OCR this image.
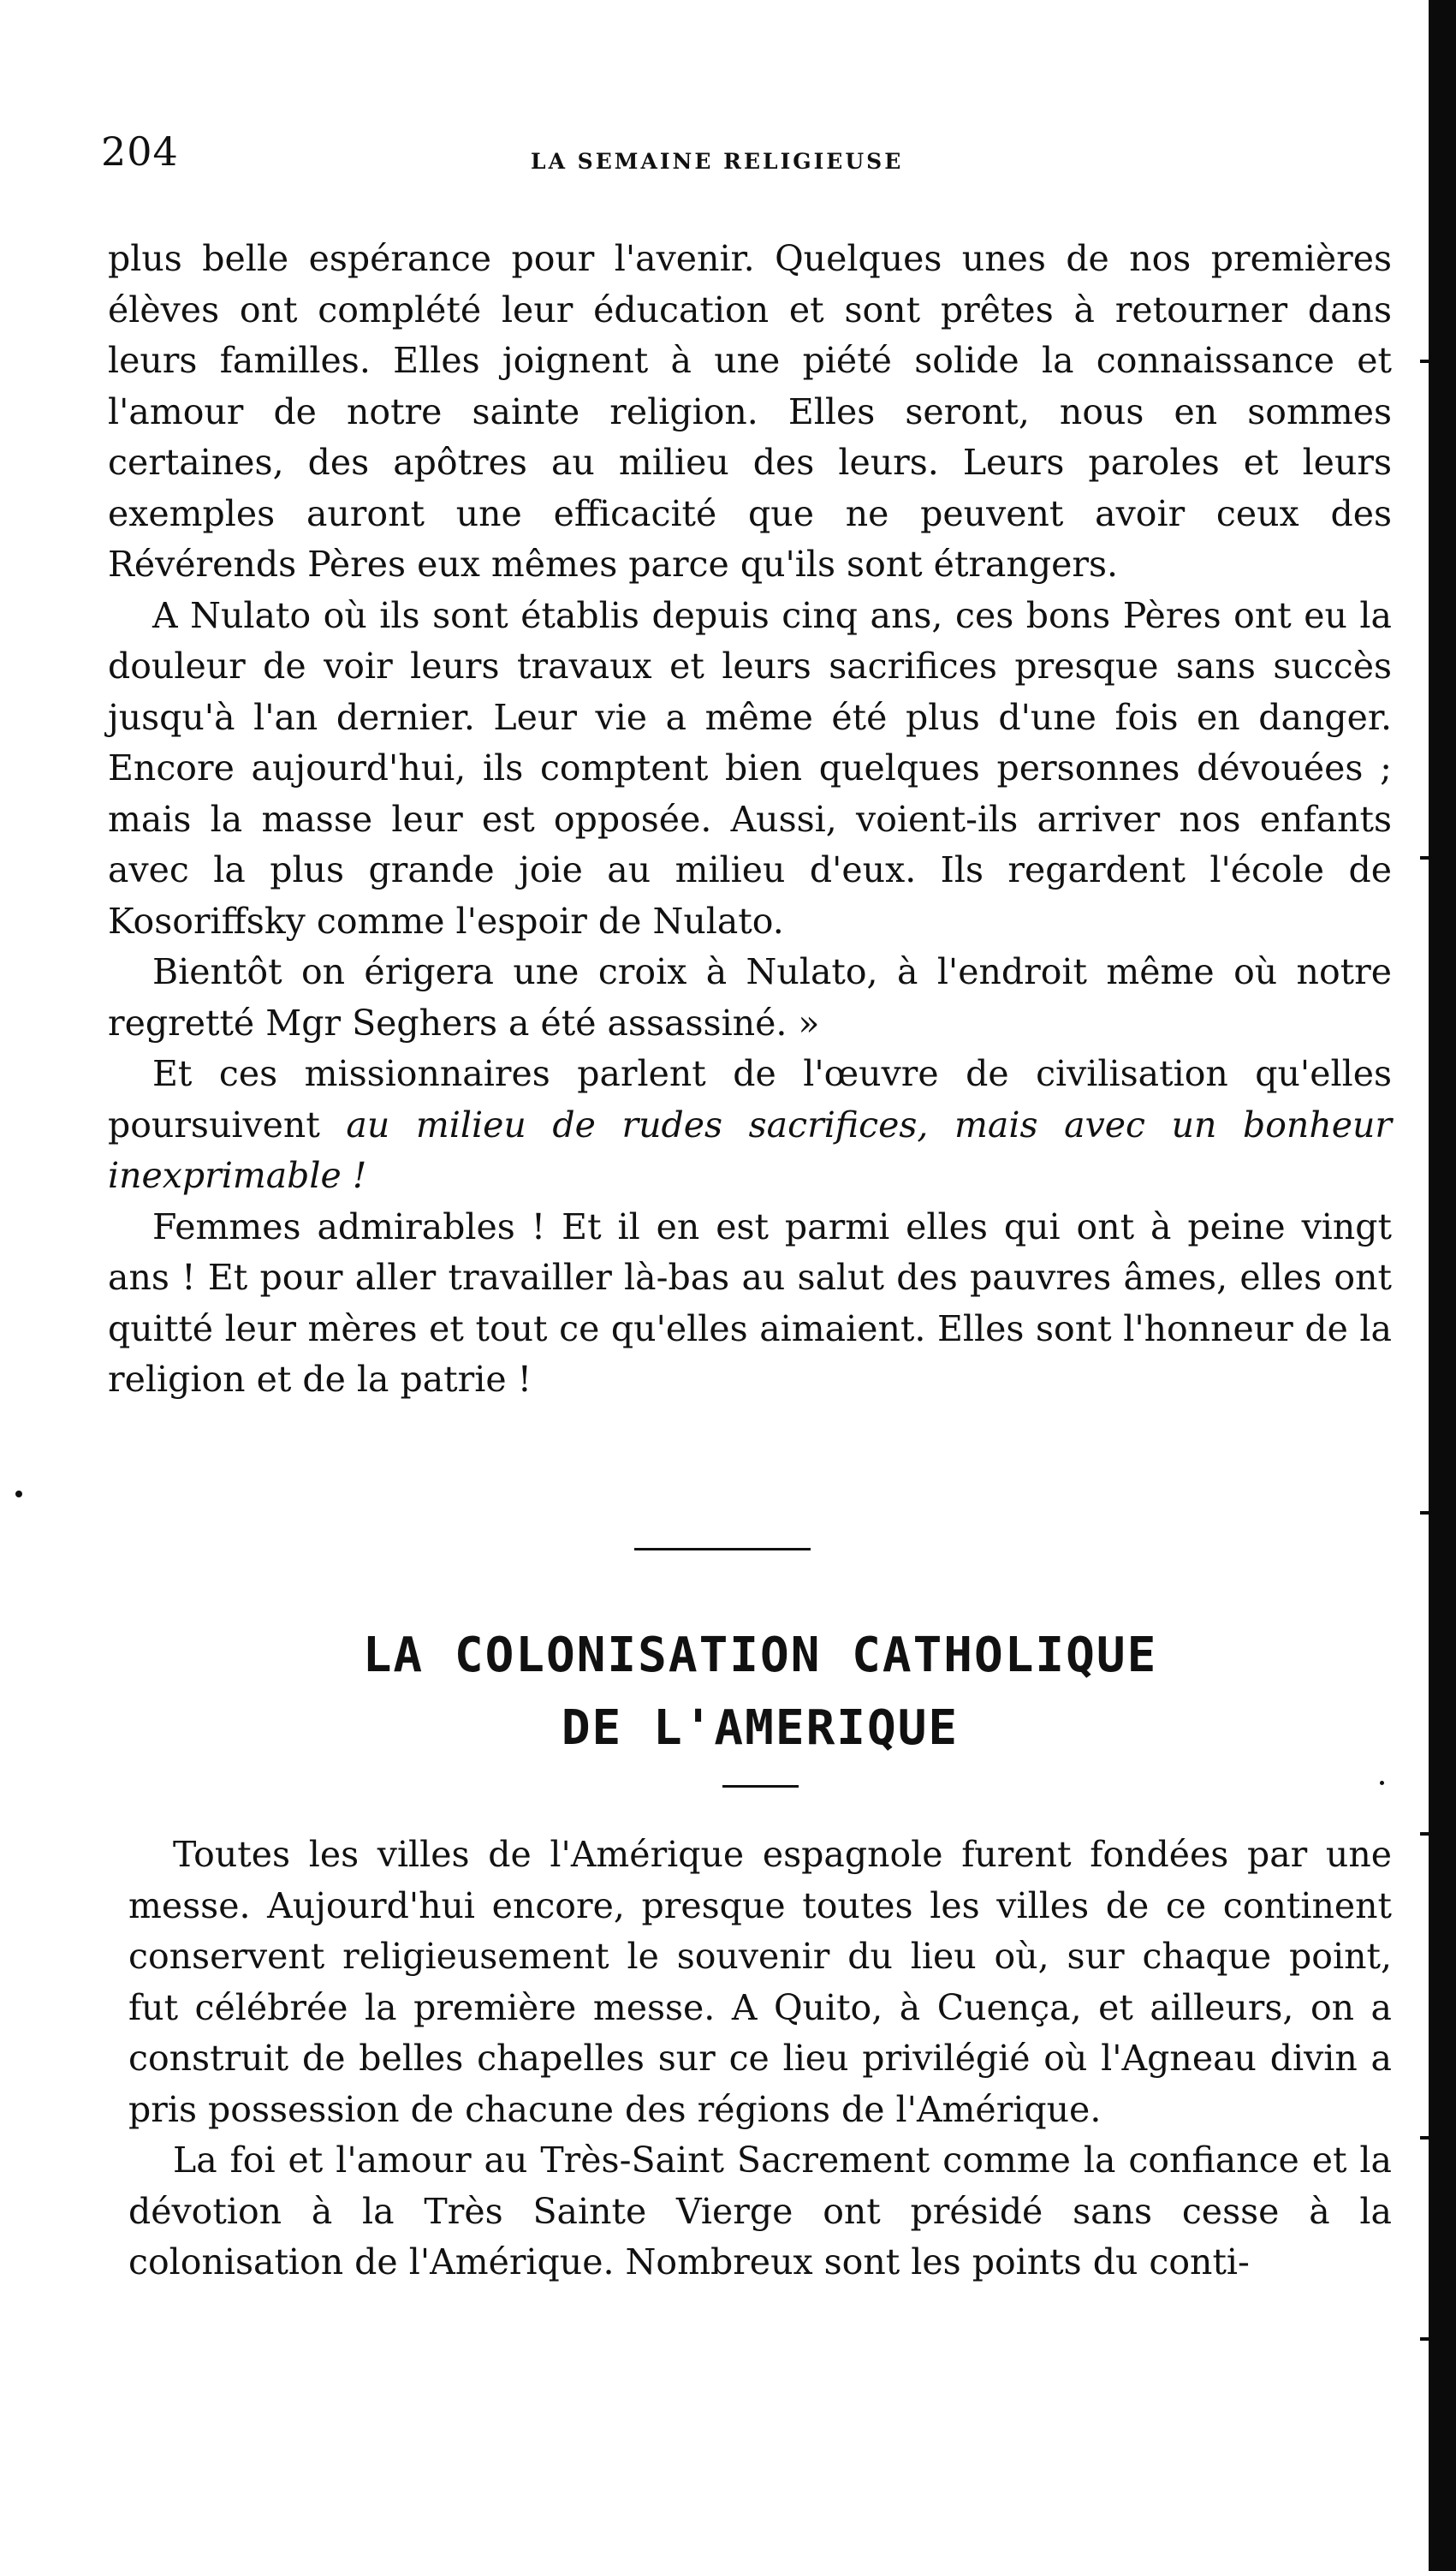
204	LA SEMAINE RELIGIEUSE

plus belle espérance pour l'avenir. Quelques unes de nos premières élèves ont complété leur éducation et sont prêtes à retourner dans leurs familles. Elles joignent à une piété solide la connaissance et l'amour de notre sainte religion. Elles seront, nous en sommes certaines, des apôtres au milieu des leurs. Leurs paroles et leurs exemples auront une efficacité que ne peuvent avoir ceux des Révérends Pères eux mêmes parce qu'ils sont étrangers.

A Nulato où ils sont établis depuis cinq ans, ces bons Pères ont eu la douleur de voir leurs travaux et leurs sacrifices presque sans succès jusqu'à l'an dernier. Leur vie a même été plus d'une fois en danger. Encore aujourd'hui, ils comptent bien quelques personnes dévouées ; mais la masse leur est opposée. Aussi, voient-ils arriver nos enfants avec la plus grande joie au milieu d'eux. Ils regardent l'école de Kosoriffsky comme l'espoir de Nulato.

Bientôt on érigera une croix à Nulato, à l'endroit même où notre regretté Mgr Seghers a été assassiné. »

Et ces missionnaires parlent de l'œuvre de civilisation qu'elles poursuivent au milieu de rudes sacrifices, mais avec un bonheur inexprimable !

Femmes admirables ! Et il en est parmi elles qui ont à peine vingt ans ! Et pour aller travailler là-bas au salut des pauvres âmes, elles ont quitté leur mères et tout ce qu'elles aimaient. Elles sont l'honneur de la religion et de la patrie !

LA COLONISATION CATHOLIQUE
DE L'AMERIQUE

Toutes les villes de l'Amérique espagnole furent fondées par une messe. Aujourd'hui encore, presque toutes les villes de ce continent conservent religieusement le souvenir du lieu où, sur chaque point, fut célébrée la première messe. A Quito, à Cuença, et ailleurs, on a construit de belles chapelles sur ce lieu privilégié où l'Agneau divin a pris possession de chacune des régions de l'Amérique.

La foi et l'amour au Très-Saint Sacrement comme la confiance et la dévotion à la Très Sainte Vierge ont présidé sans cesse à la colonisation de l'Amérique. Nombreux sont les points du conti-
